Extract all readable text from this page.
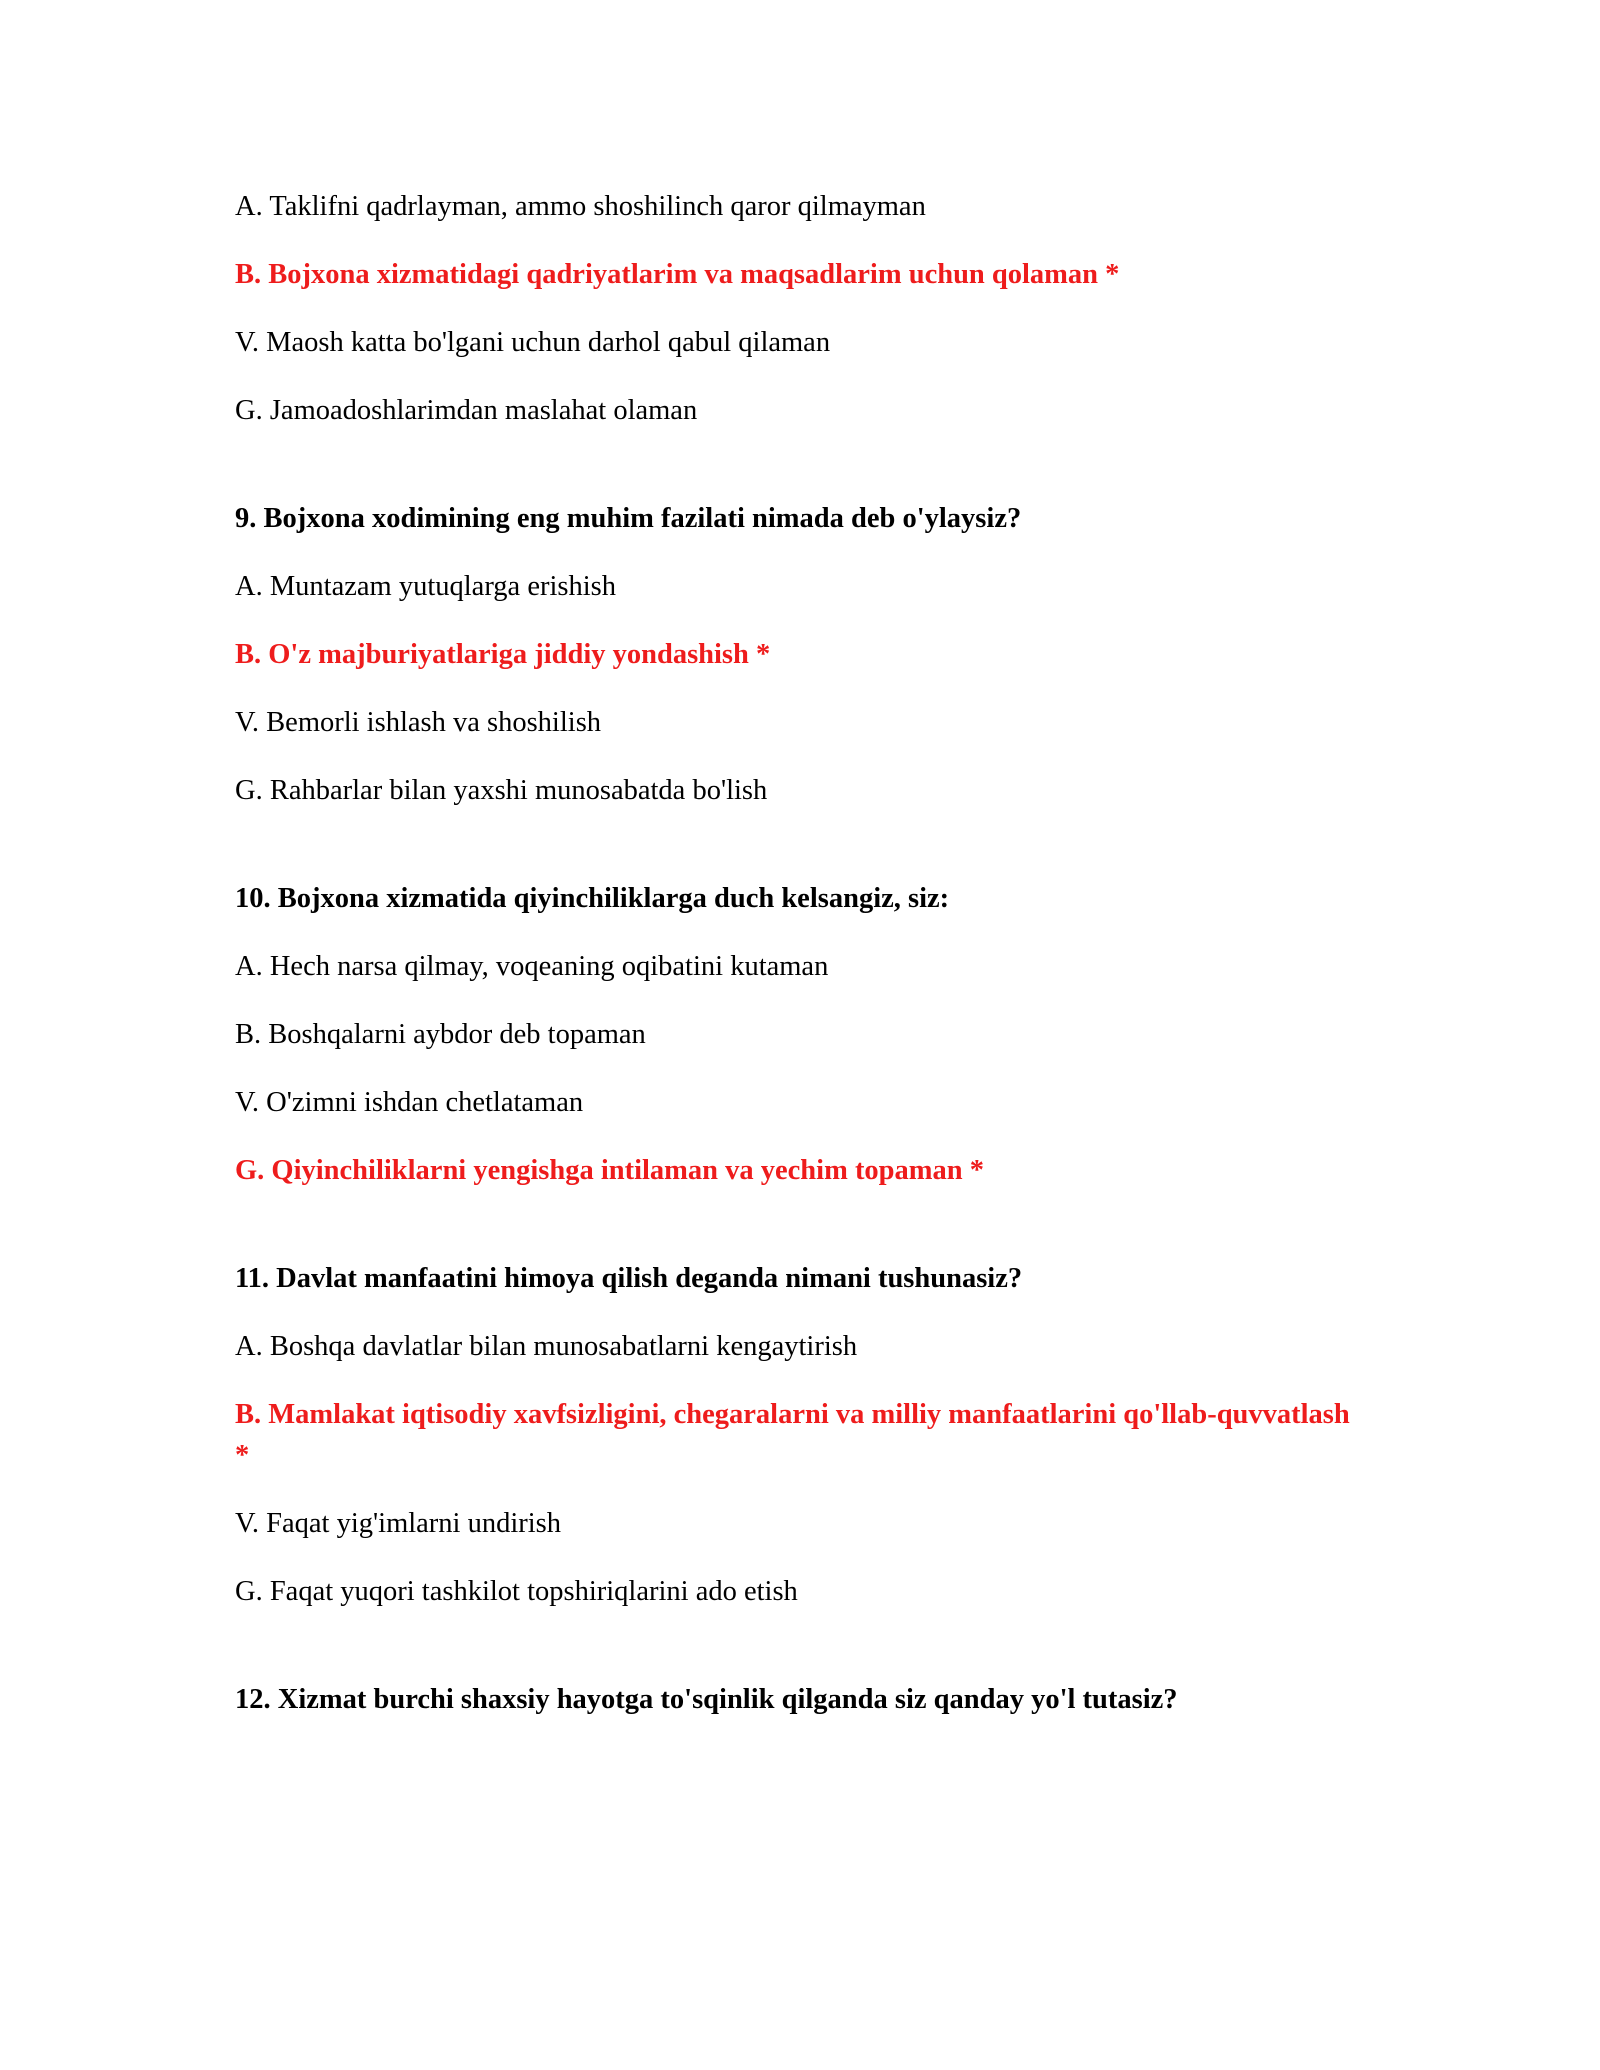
A. Taklifni qadrlayman, ammo shoshilinch qaror qilmayman

B. Bojxona xizmatidagi qadriyatlarim va maqsadlarim uchun qolaman *

V. Maosh katta bo'lgani uchun darhol qabul qilaman

G. Jamoadoshlarimdan maslahat olaman

9. Bojxona xodimining eng muhim fazilati nimada deb o'ylaysiz?

A. Muntazam yutuqlarga erishish

B. O'z majburiyatlariga jiddiy yondashish *

V. Bemorli ishlash va shoshilish

G. Rahbarlar bilan yaxshi munosabatda bo'lish

10. Bojxona xizmatida qiyinchiliklarga duch kelsangiz, siz:

A. Hech narsa qilmay, voqeaning oqibatini kutaman

B. Boshqalarni aybdor deb topaman

V. O'zimni ishdan chetlataman

G. Qiyinchiliklarni yengishga intilaman va yechim topaman *

11. Davlat manfaatini himoya qilish deganda nimani tushunasiz?

A. Boshqa davlatlar bilan munosabatlarni kengaytirish

B. Mamlakat iqtisodiy xavfsizligini, chegaralarni va milliy manfaatlarini qo'llab-quvvatlash *

V. Faqat yig'imlarni undirish

G. Faqat yuqori tashkilot topshiriqlarini ado etish

12. Xizmat burchi shaxsiy hayotga to'sqinlik qilganda siz qanday yo'l tutasiz?
